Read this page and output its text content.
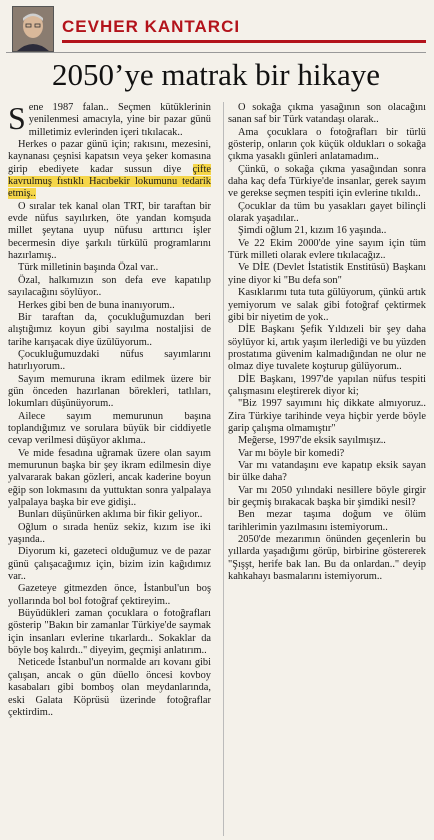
CEVHER KANTARCI
2050’ye matrak bir hikaye

Sene 1987 falan.. Seçmen kütüklerinin yenilenmesi amacıyla, yine bir pazar günü milletimiz evlerinden içeri tıkılacak..

Herkes o pazar günü için; rakısını, mezesini, kaynanası çeşnisi kapatsın veya şeker komasına girip ebediyete kadar sussun diye çifte kavrulmuş fıstıklı Hacıbekir lokumunu tedarik etmiş..

O sıralar tek kanal olan TRT, bir taraftan bir evde nüfus sayılırken, öte yandan komşuda millet şeytana uyup nüfusu arttırıcı işler becermesin diye şarkılı türkülü programlarını hazırlamış..

Türk milletinin başında Özal var..

Özal, halkımızın son defa eve kapatılıp sayılacağını söylüyor..

Herkes gibi ben de buna inanıyorum..

Bir taraftan da, çocukluğumuzdan beri alıştığımız koyun gibi sayılma nostaljisi de tarihe karışacak diye üzülüyorum..

Çocukluğumuzdaki nüfus sayımlarını hatırlıyorum..

Sayım memuruna ikram edilmek üzere bir gün önceden hazırlanan börekleri, tatlıları, lokumları düşünüyorum..

Ailece sayım memurunun başına toplandığımız ve sorulara büyük bir ciddiyetle cevap verilmesi düşüyor aklıma..

Ve mide fesadına uğramak üzere olan sayım memurunun başka bir şey ikram edilmesin diye yalvararak bakan gözleri, ancak kaderine boyun eğip son lokmasını da yuttuktan sonra yalpalaya yalpalaya başka bir eve gidişi..

Bunları düşünürken aklıma bir fikir geliyor..

Oğlum o sırada henüz sekiz, kızım ise iki yaşında..

Diyorum ki, gazeteci olduğumuz ve de pazar günü çalışacağımız için, bizim izin kağıdımız var..

Gazeteye gitmezden önce, İstanbul'un boş yollarında bol bol fotoğraf çektireyim..

Büyüdükleri zaman çocuklara o fotoğrafları gösterip "Bakın bir zamanlar Türkiye'de saymak için insanları evlerine tıkarlardı.. Sokaklar da böyle boş kalırdı.." diyeyim, geçmişi anlatırım..

Neticede İstanbul'un normalde arı kovanı gibi çalışan, ancak o gün düello öncesi kovboy kasabaları gibi bomboş olan meydanlarında, eski Galata Köprüsü üzerinde fotoğraflar çektirdim..

O sokağa çıkma yasağının son olacağını sanan saf bir Türk vatandaşı olarak..

Ama çocuklara o fotoğrafları bir türlü gösterip, onların çok küçük oldukları o sokağa çıkma yasaklı günleri anlatamadım..

Çünkü, o sokağa çıkma yasağından sonra daha kaç defa Türkiye'de insanlar, gerek sayım ve gerekse seçmen tespiti için evlerine tıkıldı..

Çocuklar da tüm bu yasakları gayet bilinçli olarak yaşadılar..

Şimdi oğlum 21, kızım 16 yaşında..

Ve 22 Ekim 2000'de yine sayım için tüm Türk milleti olarak evlere tıkılacağız..

Ve DİE (Devlet İstatistik Enstitüsü) Başkanı yine diyor ki "Bu defa son"

Kasıklarımı tuta tuta gülüyorum, çünkü artık yemiyorum ve salak gibi fotoğraf çektirmek gibi bir niyetim de yok..

DİE Başkanı Şefik Yıldızeli bir şey daha söylüyor ki, artık yaşım ilerlediği ve bu yüzden prostatıma güvenim kalmadığından ne olur ne olmaz diye tuvalete koşturup gülüyorum..

DİE Başkanı, 1997'de yapılan nüfus tespiti çalışmasını eleştirerek diyor ki;

"Biz 1997 sayımını hiç dikkate almıyoruz.. Zira Türkiye tarihinde veya hiçbir yerde böyle garip çalışma olmamıştır"

Meğerse, 1997'de eksik sayılmışız..

Var mı böyle bir komedi?

Var mı vatandaşını eve kapatıp eksik sayan bir ülke daha?

Var mı 2050 yılındaki nesillere böyle girgir bir geçmiş bırakacak başka bir şimdiki nesil?

Ben mezar taşıma doğum ve ölüm tarihlerimin yazılmasını istemiyorum..

2050'de mezarımın önünden geçenlerin bu yıllarda yaşadığımı görüp, birbirine göstererek "Şışşt, herife bak lan. Bu da onlardan.." deyip kahkahayı basmalarını istemiyorum..
